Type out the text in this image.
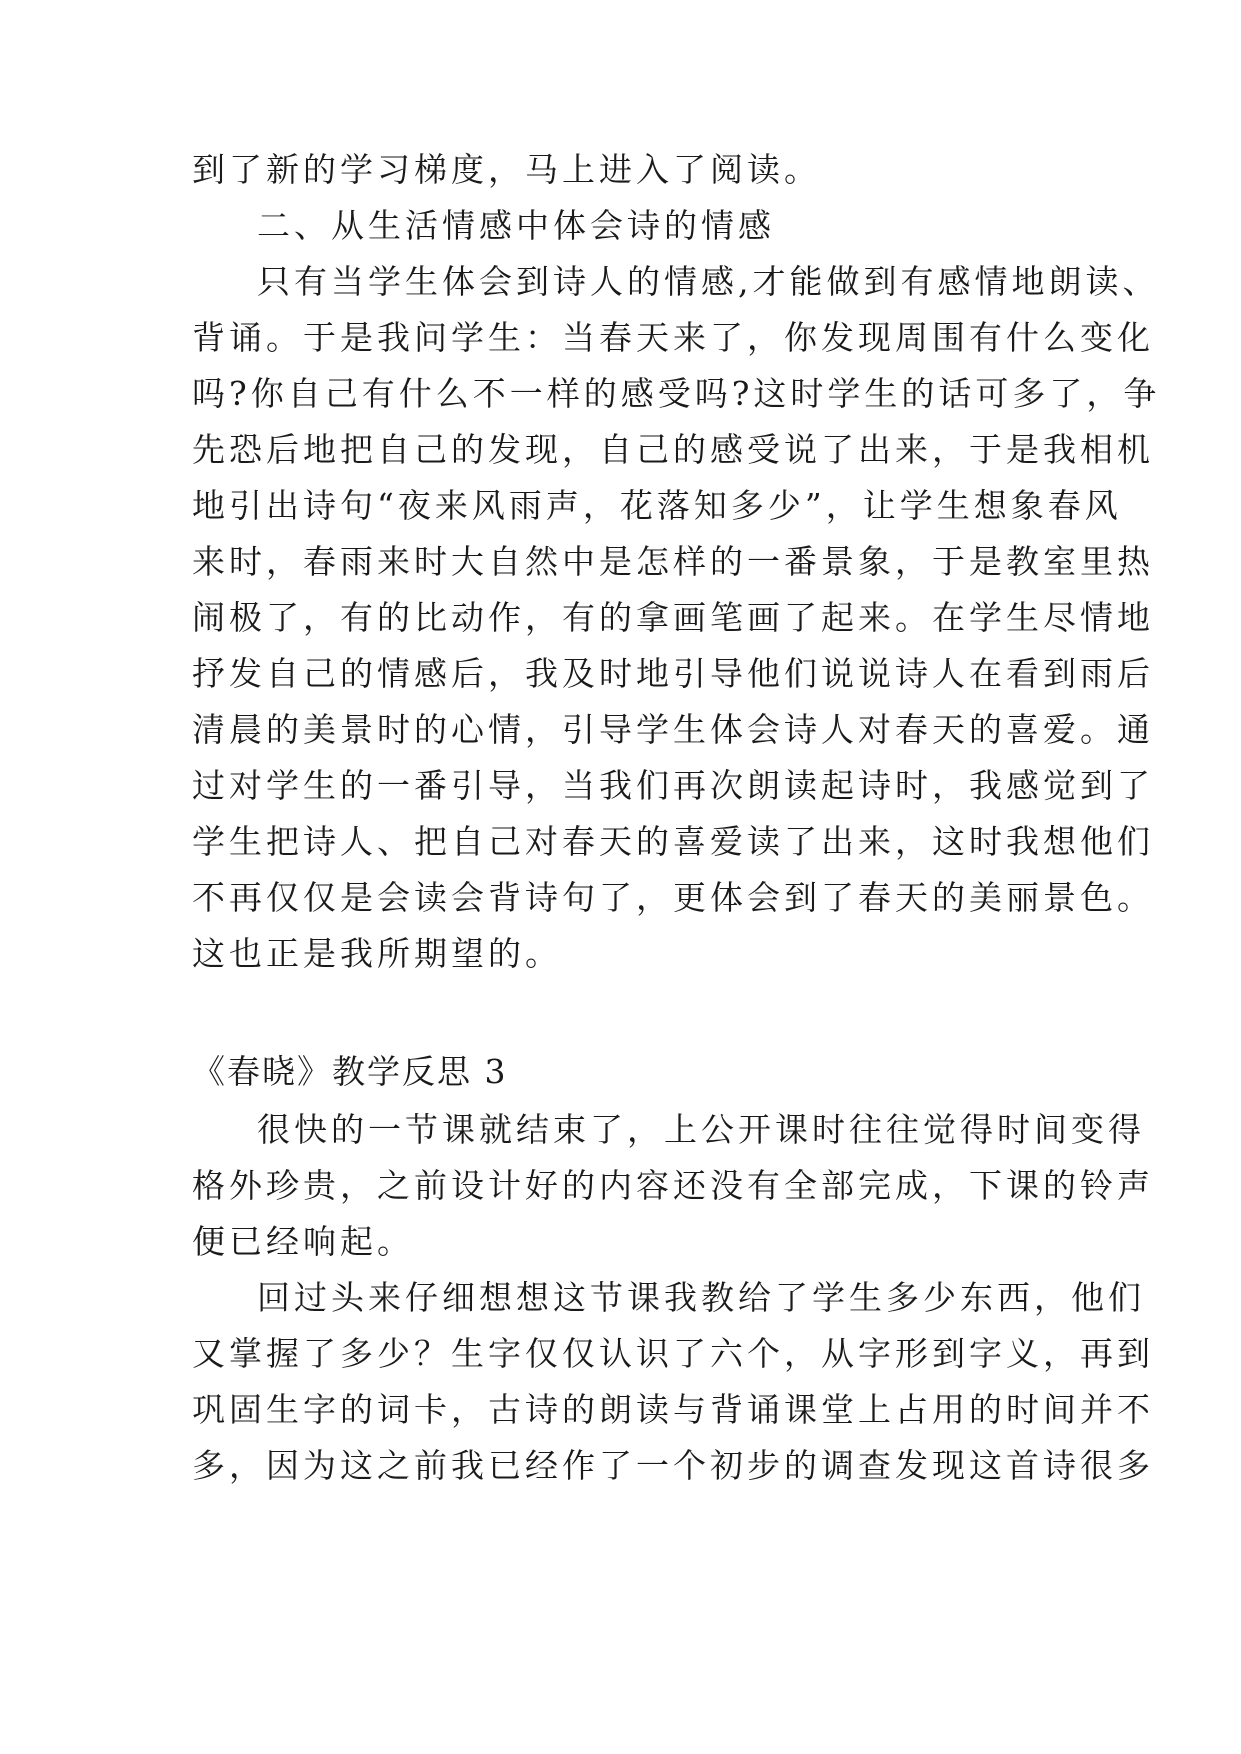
到了新的学习梯度，马上进入了阅读。
二、从生活情感中体会诗的情感
只有当学生体会到诗人的情感,才能做到有感情地朗读、
背诵。于是我问学生：当春天来了，你发现周围有什么变化
吗?你自己有什么不一样的感受吗?这时学生的话可多了，争
先恐后地把自己的发现，自己的感受说了出来，于是我相机
地引出诗句“夜来风雨声，花落知多少”，让学生想象春风
来时，春雨来时大自然中是怎样的一番景象，于是教室里热
闹极了，有的比动作，有的拿画笔画了起来。在学生尽情地
抒发自己的情感后，我及时地引导他们说说诗人在看到雨后
清晨的美景时的心情，引导学生体会诗人对春天的喜爱。通
过对学生的一番引导，当我们再次朗读起诗时，我感觉到了
学生把诗人、把自己对春天的喜爱读了出来，这时我想他们
不再仅仅是会读会背诗句了，更体会到了春天的美丽景色。
这也正是我所期望的。
《春晓》教学反思 3
很快的一节课就结束了，上公开课时往往觉得时间变得
格外珍贵，之前设计好的内容还没有全部完成，下课的铃声
便已经响起。
回过头来仔细想想这节课我教给了学生多少东西，他们
又掌握了多少？生字仅仅认识了六个，从字形到字义，再到
巩固生字的词卡，古诗的朗读与背诵课堂上占用的时间并不
多，因为这之前我已经作了一个初步的调查发现这首诗很多
